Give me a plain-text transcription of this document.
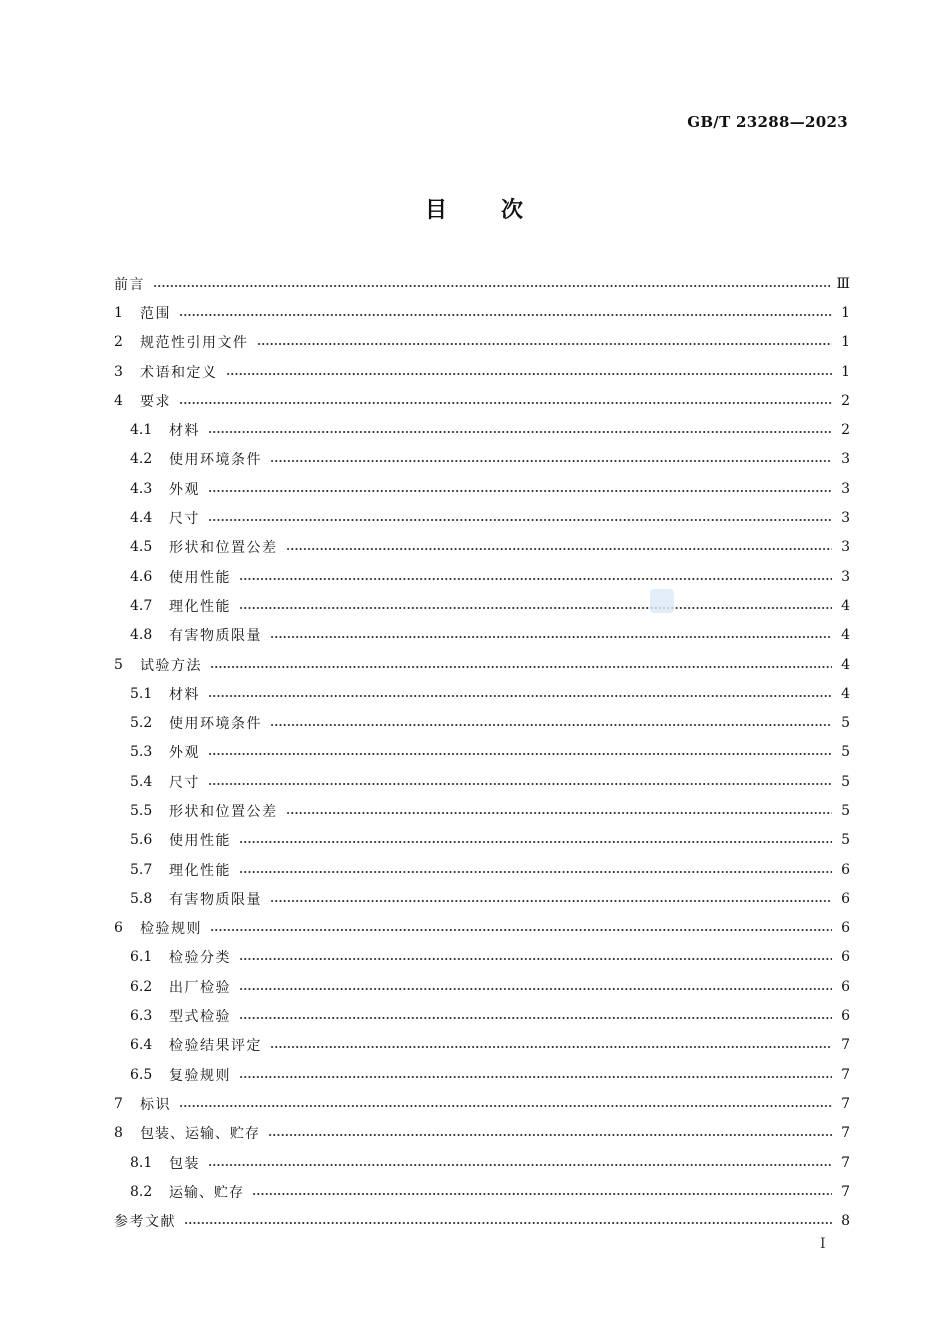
GB/T 23288—2023
目 次
前言	Ⅲ
1	范围	1
2	规范性引用文件	1
3	术语和定义	1
4	要求	2
4.1	材料	2
4.2	使用环境条件	3
4.3	外观	3
4.4	尺寸	3
4.5	形状和位置公差	3
4.6	使用性能	3
4.7	理化性能	4
4.8	有害物质限量	4
5	试验方法	4
5.1	材料	4
5.2	使用环境条件	5
5.3	外观	5
5.4	尺寸	5
5.5	形状和位置公差	5
5.6	使用性能	5
5.7	理化性能	6
5.8	有害物质限量	6
6	检验规则	6
6.1	检验分类	6
6.2	出厂检验	6
6.3	型式检验	6
6.4	检验结果评定	7
6.5	复验规则	7
7	标识	7
8	包装、运输、贮存	7
8.1	包装	7
8.2	运输、贮存	7
参考文献	8
I
